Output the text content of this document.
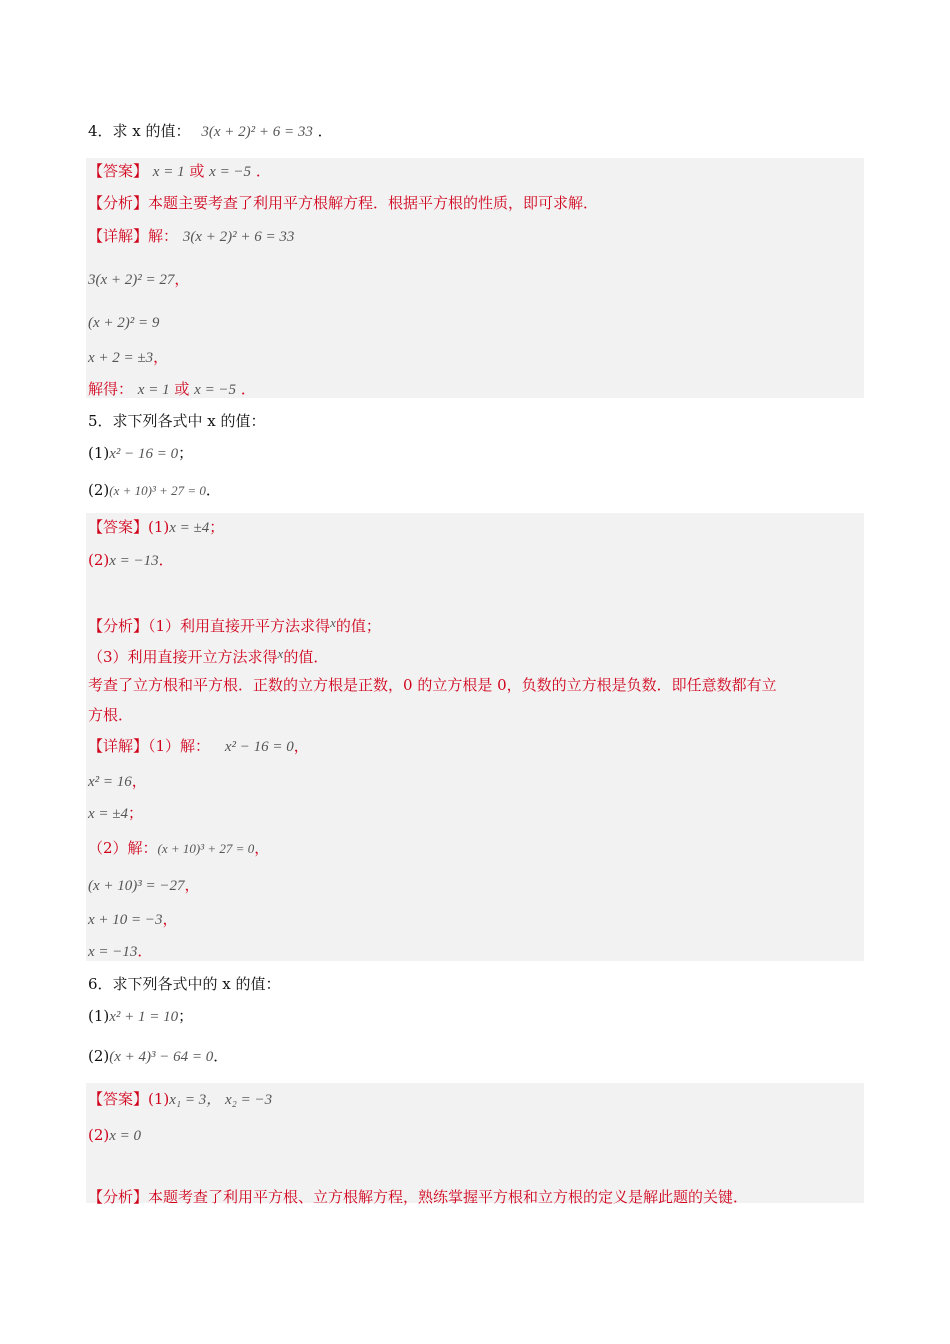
4．求 x 的值： 3(x + 2)² + 6 = 33 ．
【答案】 x = 1 或 x = −5 ．
【分析】本题主要考查了利用平方根解方程．根据平方根的性质，即可求解．
【详解】解： 3(x + 2)² + 6 = 33
3(x + 2)² = 27，
(x + 2)² = 9
x + 2 = ±3，
解得： x = 1 或 x = −5 ．
5．求下列各式中 x 的值：
(1)x² − 16 = 0；
(2)(x + 10)³ + 27 = 0．
【答案】(1)x = ±4；
(2)x = −13．
【分析】（1）利用直接开平方法求得x的值；
（3）利用直接开立方法求得x的值．
考查了立方根和平方根．正数的立方根是正数，0 的立方根是 0，负数的立方根是负数．即任意数都有立
方根．
【详解】（1）解： x² − 16 = 0，
x² = 16，
x = ±4；
（2）解：(x + 10)³ + 27 = 0，
(x + 10)³ = −27，
x + 10 = −3，
x = −13．
6．求下列各式中的 x 的值：
(1)x² + 1 = 10；
(2)(x + 4)³ − 64 = 0．
【答案】(1)x₁ = 3， x₂ = −3
(2)x = 0
【分析】本题考查了利用平方根、立方根解方程，熟练掌握平方根和立方根的定义是解此题的关键．
